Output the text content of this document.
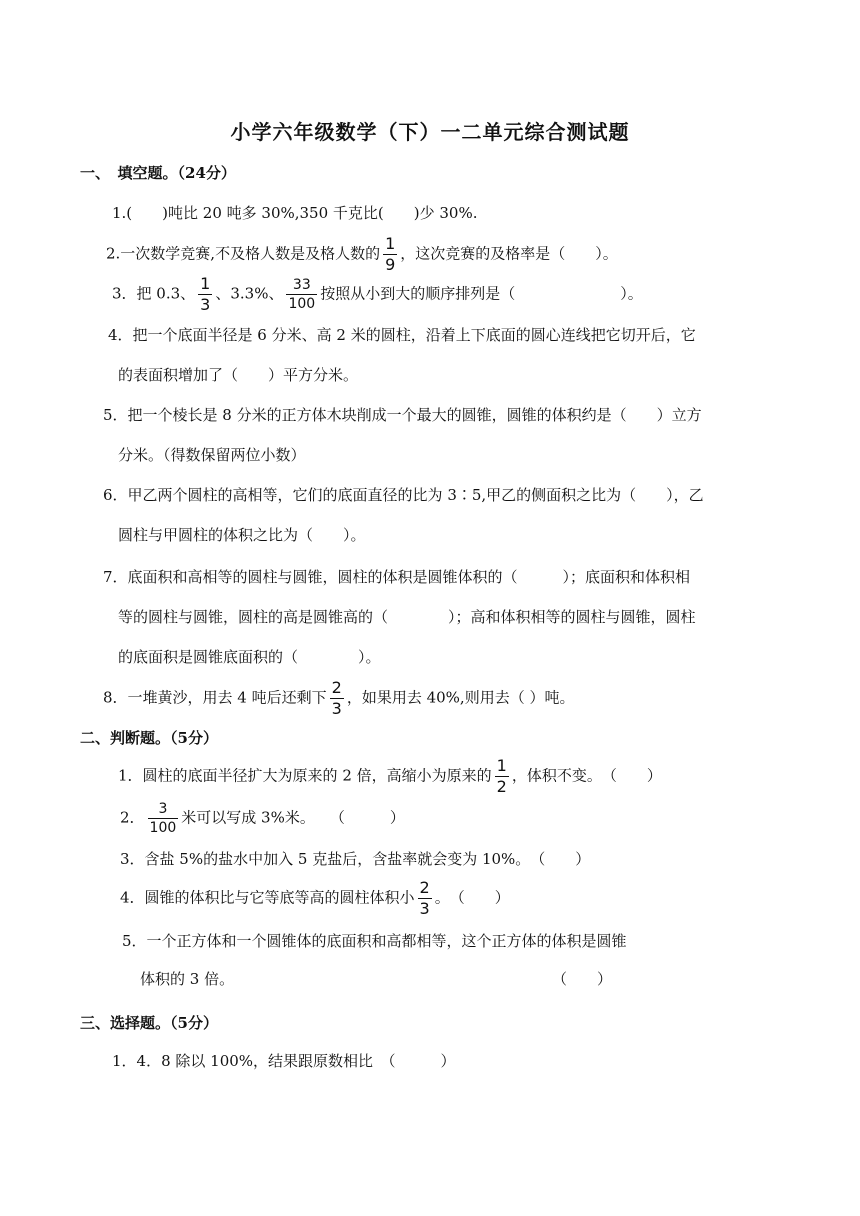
小学六年级数学（下）一二单元综合测试题
一、　填空题。（24分）
1.(　　)吨比 20 吨多 30%,350 千克比(　　)少 30%.
2.一次数学竞赛,不及格人数是及格人数的 $\frac{1}{9}$ ，这次竞赛的及格率是（　　）。
3．把 0.3、 $\frac{1}{3}$ 、3.3%、 $\frac{33}{100}$ 按照从小到大的顺序排列是（　　　　　　　）。
4．把一个底面半径是 6 分米、高 2 米的圆柱，沿着上下底面的圆心连线把它切开后，它
的表面积增加了（　　）平方分米。
5．把一个棱长是 8 分米的正方体木块削成一个最大的圆锥，圆锥的体积约是（　　）立方
分米。（得数保留两位小数）
6．甲乙两个圆柱的高相等，它们的底面直径的比为 3∶5,甲乙的侧面积之比为（　　），乙
圆柱与甲圆柱的体积之比为（　　）。
7．底面积和高相等的圆柱与圆锥，圆柱的体积是圆锥体积的（　　　）；底面积和体积相
等的圆柱与圆锥，圆柱的高是圆锥高的（　　　　）；高和体积相等的圆柱与圆锥，圆柱
的底面积是圆锥底面积的（　　　　）。
8．一堆黄沙，用去 4 吨后还剩下 $\frac{2}{3}$ ，如果用去 40%,则用去（ ）吨。
二、判断题。（5分）
1．圆柱的底面半径扩大为原来的 2 倍，高缩小为原来的 $\frac{1}{2}$ ，体积不变。　（　　）
2． $\frac{3}{100}$ 米可以写成 3%米。　　（　　　）
3．含盐 5%的盐水中加入 5 克盐后，含盐率就会变为 10%。　（　　）
4．圆锥的体积比与它等底等高的圆柱体积小 $\frac{2}{3}$ 。　（　　）
5．一个正方体和一个圆锥体的底面积和高都相等，这个正方体的体积是圆锥
体积的 3 倍。	（　　）
三、选择题。（5分）
1．4．8 除以 100%，结果跟原数相比　（　　　）
